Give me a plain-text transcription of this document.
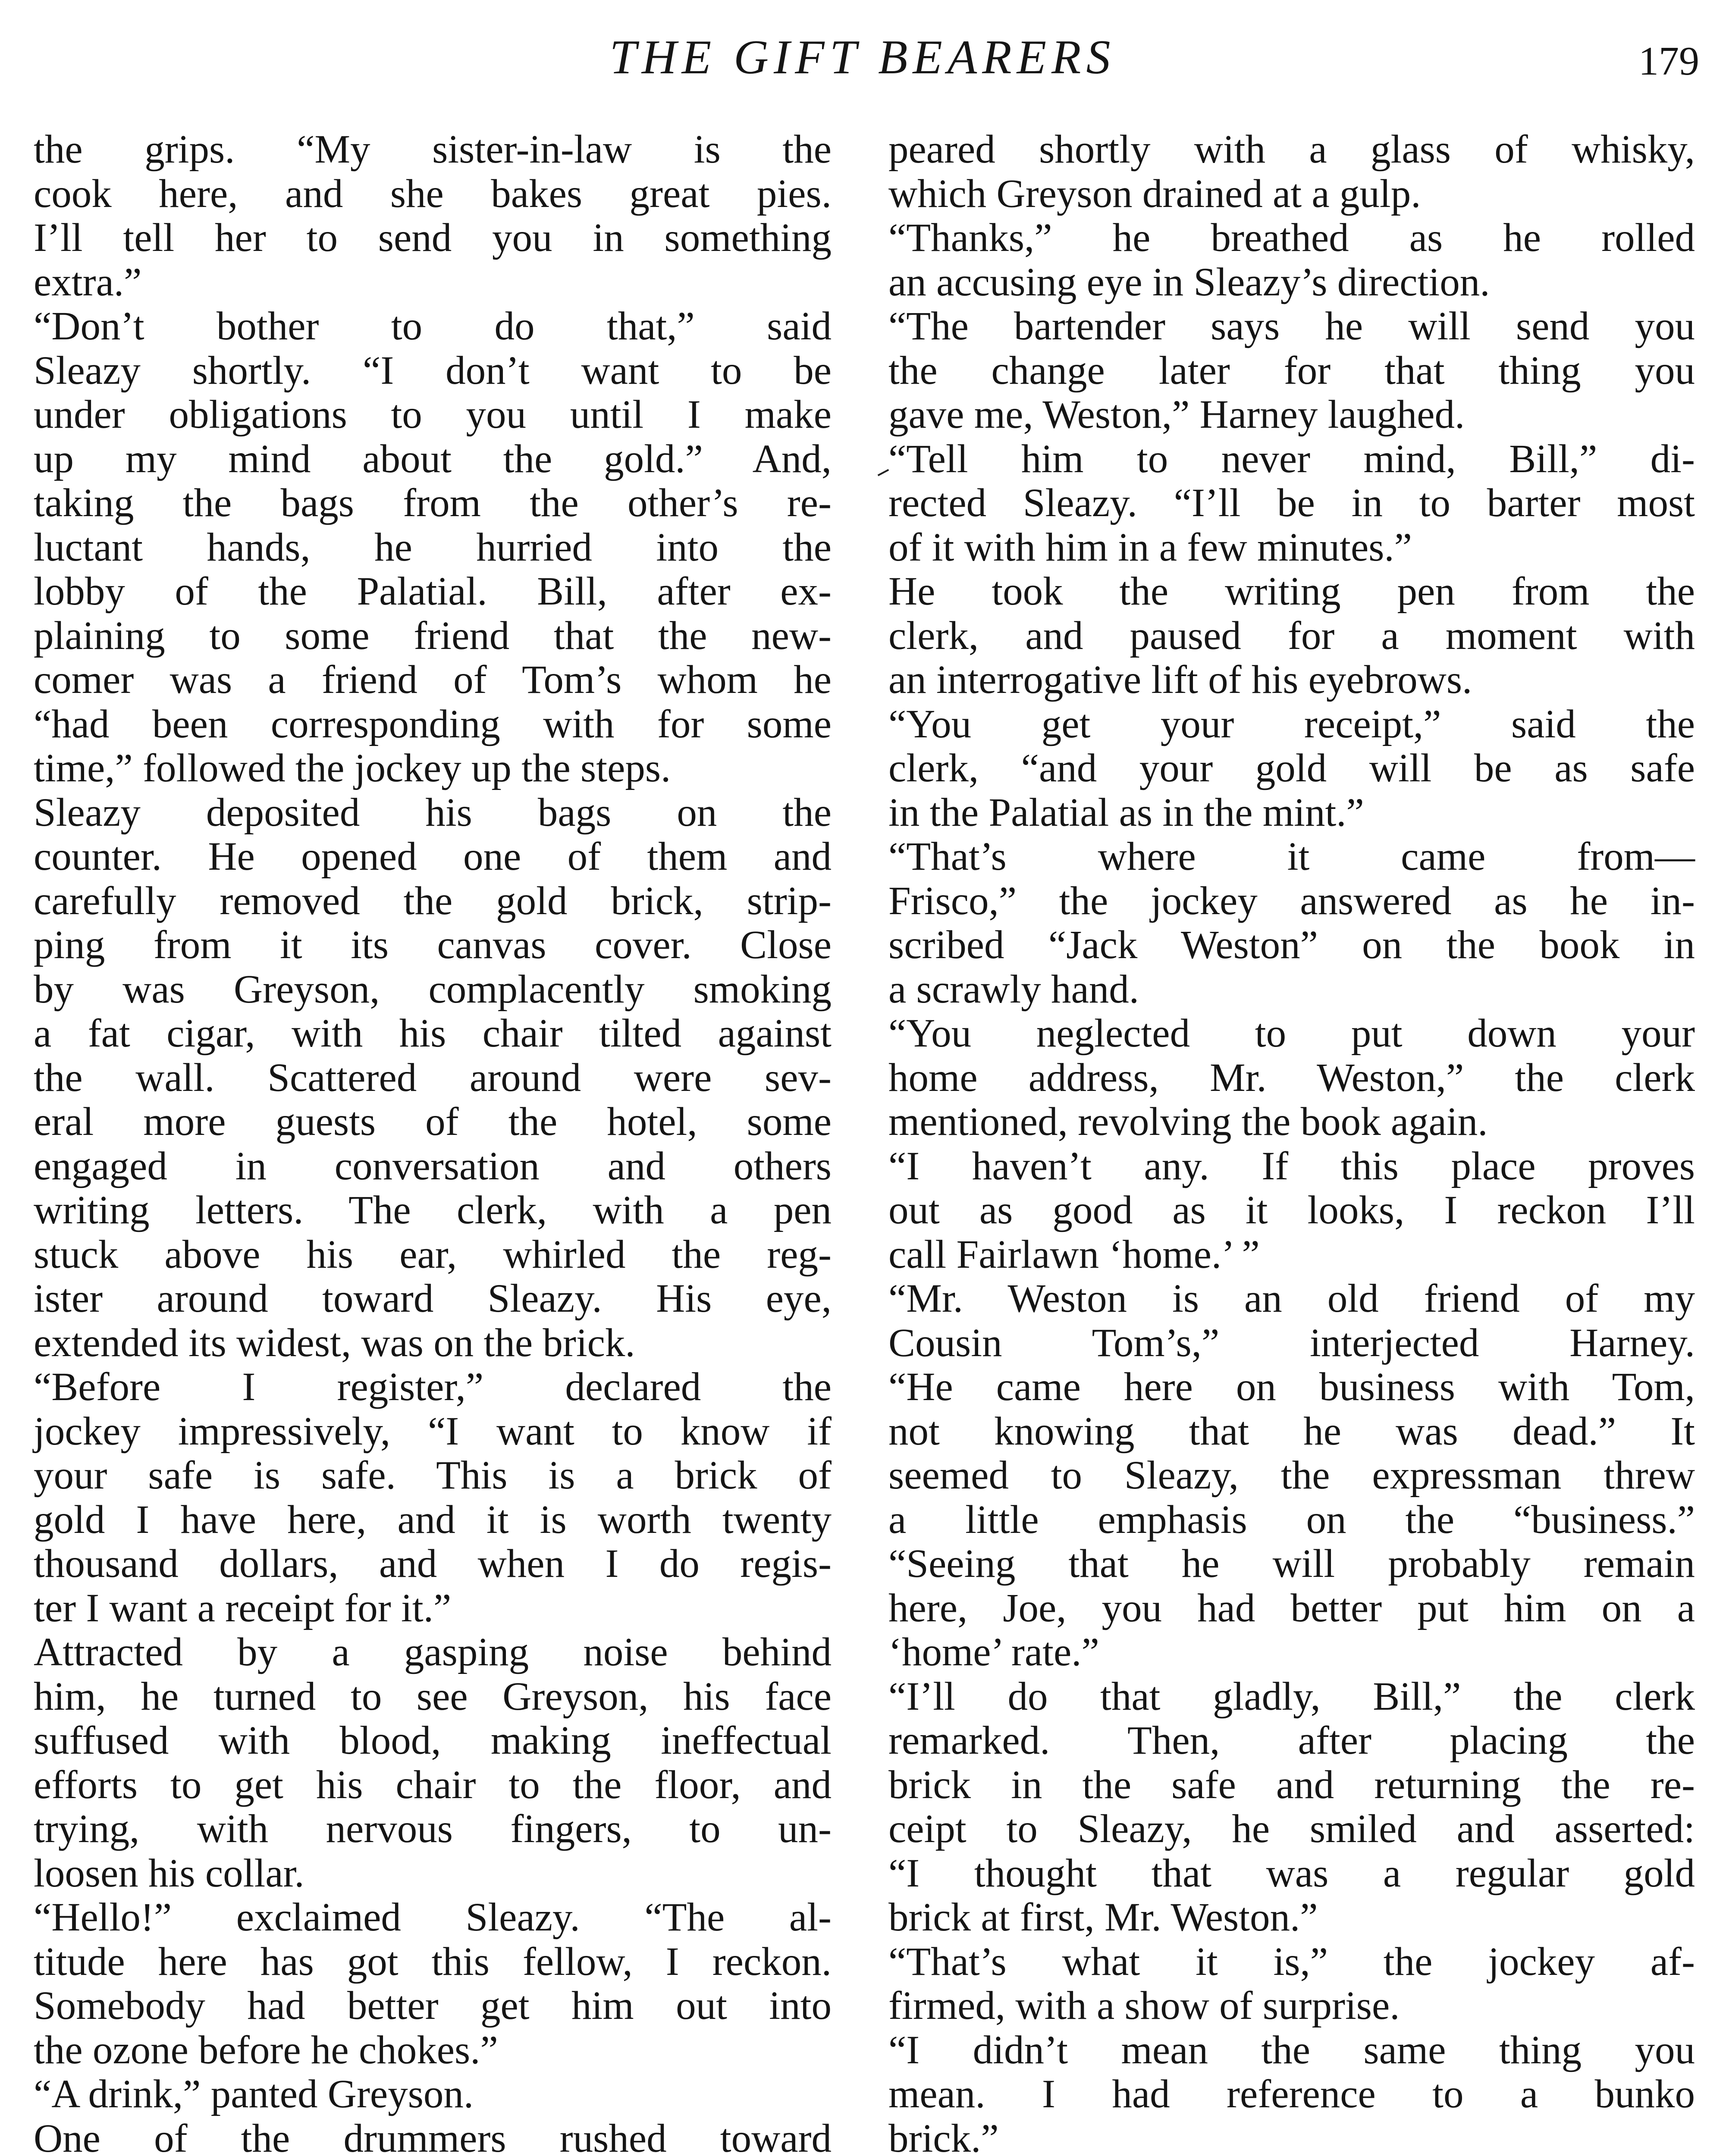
THE GIFT BEARERS	179

the grips. “My sister-in-law is the
cook here, and she bakes great pies.
I’ll tell her to send you in something
extra.”

“Don’t bother to do that,” said
Sleazy shortly. “I don’t want to be
under obligations to you until I make
up my mind about the gold.” And,
taking the bags from the other’s re-
luctant hands, he hurried into the
lobby of the Palatial. Bill, after ex-
plaining to some friend that the new-
comer was a friend of Tom’s whom he
“had been corresponding with for some
time,” followed the jockey up the steps.

Sleazy deposited his bags on the
counter. He opened one of them and
carefully removed the gold brick, strip-
ping from it its canvas cover. Close
by was Greyson, complacently smoking
a fat cigar, with his chair tilted against
the wall. Scattered around were sev-
eral more guests of the hotel, some
engaged in conversation and others
writing letters. The clerk, with a pen
stuck above his ear, whirled the reg-
ister around toward Sleazy. His eye,
extended its widest, was on the brick.

“Before I register,” declared the
jockey impressively, “I want to know if
your safe is safe. This is a brick of
gold I have here, and it is worth twenty
thousand dollars, and when I do regis-
ter I want a receipt for it.”

Attracted by a gasping noise behind
him, he turned to see Greyson, his face
suffused with blood, making ineffectual
efforts to get his chair to the floor, and
trying, with nervous fingers, to un-
loosen his collar.

“Hello!” exclaimed Sleazy. “The al-
titude here has got this fellow, I reckon.
Somebody had better get him out into
the ozone before he chokes.”

“A drink,” panted Greyson.

One of the drummers rushed toward

peared shortly with a glass of whisky,
which Greyson drained at a gulp.

“Thanks,” he breathed as he rolled
an accusing eye in Sleazy’s direction.

“The bartender says he will send you
the change later for that thing you
gave me, Weston,” Harney laughed.

“Tell him to never mind, Bill,” di-
rected Sleazy. “I’ll be in to barter most
of it with him in a few minutes.”

He took the writing pen from the
clerk, and paused for a moment with
an interrogative lift of his eyebrows.

“You get your receipt,” said the
clerk, “and your gold will be as safe
in the Palatial as in the mint.”

“That’s where it came from—
Frisco,” the jockey answered as he in-
scribed “Jack Weston” on the book in
a scrawly hand.

“You neglected to put down your
home address, Mr. Weston,” the clerk
mentioned, revolving the book again.

“I haven’t any. If this place proves
out as good as it looks, I reckon I’ll
call Fairlawn ‘home.’ ”

“Mr. Weston is an old friend of my
Cousin Tom’s,” interjected Harney.
“He came here on business with Tom,
not knowing that he was dead.” It
seemed to Sleazy, the expressman threw
a little emphasis on the “business.”
“Seeing that he will probably remain
here, Joe, you had better put him on a
‘home’ rate.”

“I’ll do that gladly, Bill,” the clerk
remarked. Then, after placing the
brick in the safe and returning the re-
ceipt to Sleazy, he smiled and asserted:
“I thought that was a regular gold
brick at first, Mr. Weston.”

“That’s what it is,” the jockey af-
firmed, with a show of surprise.

“I didn’t mean the same thing you
mean. I had reference to a bunko
brick.”
